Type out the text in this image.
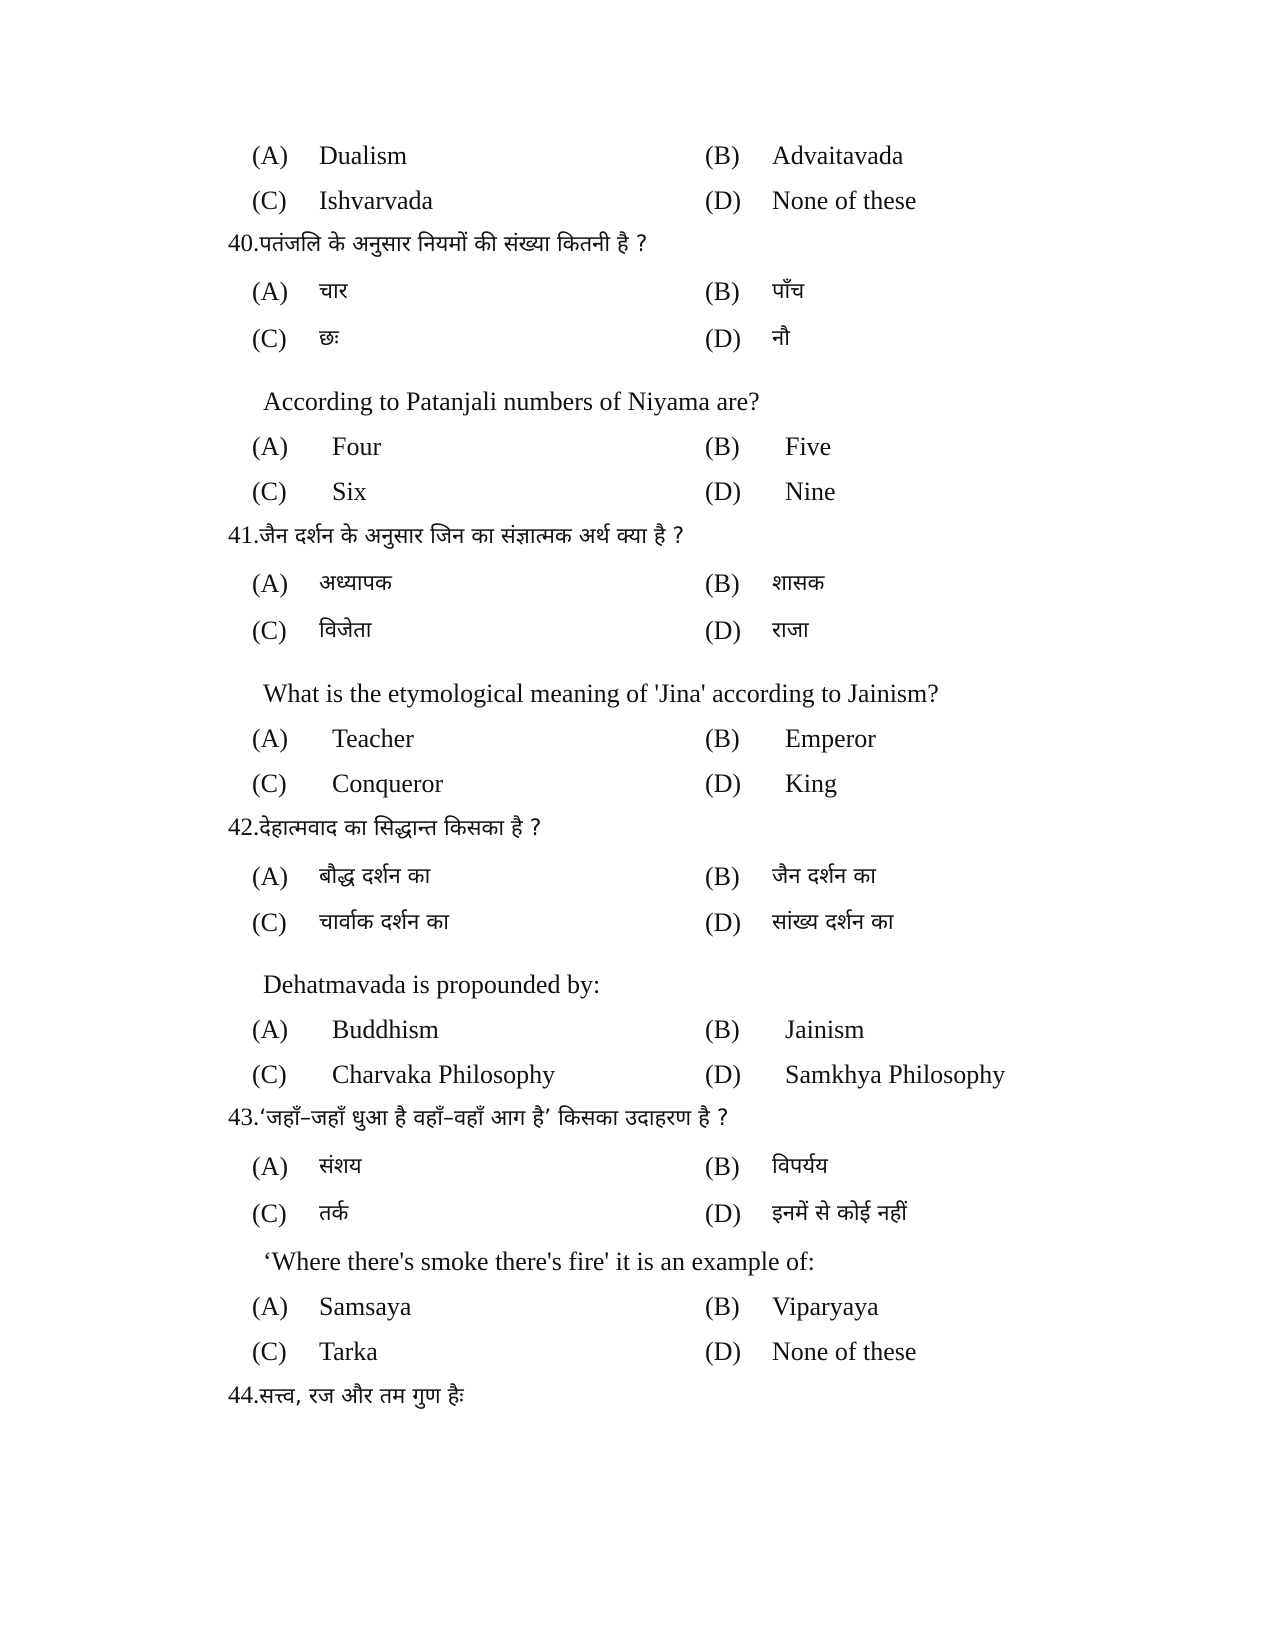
(A) Dualism	(B) Advaitavada
(C) Ishvarvada	(D) None of these
40.पतंजलि के अनुसार नियमों की संख्या कितनी है ?
(A) चार	(B) पाँच
(C) छः	(D) नौ
According to Patanjali numbers of Niyama are?
(A) Four	(B) Five
(C) Six	(D) Nine
41.जैन दर्शन के अनुसार जिन का संज्ञात्मक अर्थ क्या है ?
(A) अध्यापक	(B) शासक
(C) विजेता	(D) राजा
What is the etymological meaning of 'Jina' according to Jainism?
(A) Teacher	(B) Emperor
(C) Conqueror	(D) King
42.देहात्मवाद का सिद्धान्त किसका है ?
(A) बौद्ध दर्शन का	(B) जैन दर्शन का
(C) चार्वाक दर्शन का	(D) सांख्य दर्शन का
Dehatmavada is propounded by:
(A) Buddhism	(B) Jainism
(C) Charvaka Philosophy	(D) Samkhya Philosophy
43.‘जहाँ–जहाँ धुआ है वहाँ–वहाँ आग है’ किसका उदाहरण है ?
(A) संशय	(B) विपर्यय
(C) तर्क	(D) इनमें से कोई नहीं
‘Where there's smoke there's fire' it is an example of:
(A) Samsaya	(B) Viparyaya
(C) Tarka	(D) None of these
44.सत्त्व, रज और तम गुण हैः
